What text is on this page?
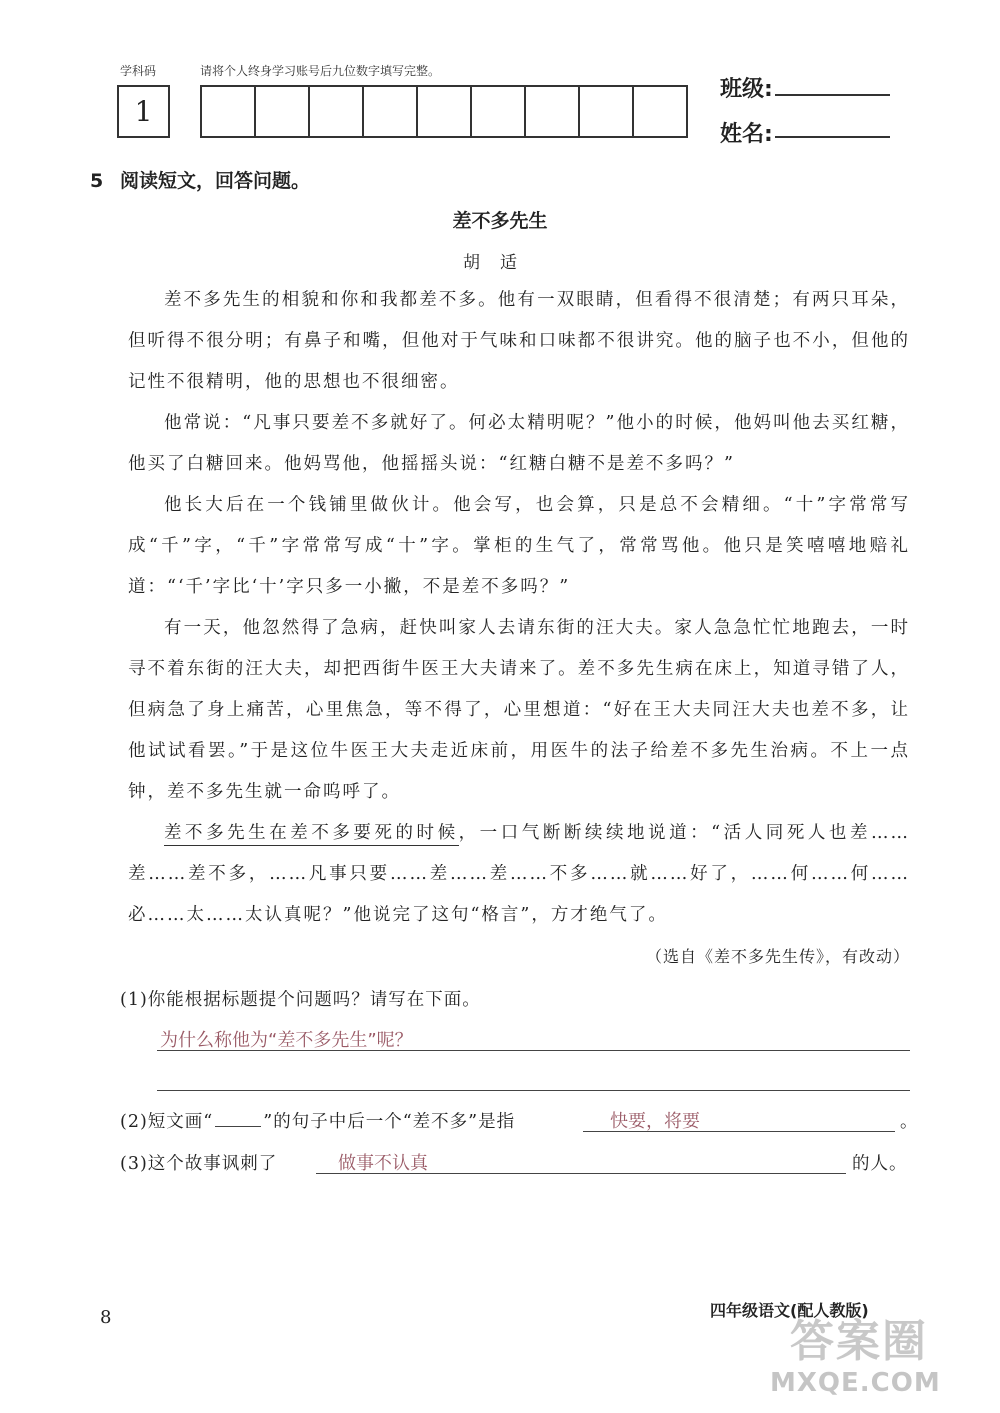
学科码	请将个人终身学习账号后九位数字填写完整。
1
班级:
姓名:
5 阅读短文，回答问题。
差不多先生
胡适
差不多先生的相貌和你和我都差不多。他有一双眼睛，但看得不很清楚；有两只耳朵，但听得不很分明；有鼻子和嘴，但他对于气味和口味都不很讲究。他的脑子也不小，但他的记性不很精明，他的思想也不很细密。
他常说：“凡事只要差不多就好了。何必太精明呢？”他小的时候，他妈叫他去买红糖，他买了白糖回来。他妈骂他，他摇摇头说：“红糖白糖不是差不多吗？”
他长大后在一个钱铺里做伙计。他会写，也会算，只是总不会精细。“十”字常常写成“千”字，“千”字常常写成“十”字。掌柜的生气了，常常骂他。他只是笑嘻嘻地赔礼道：“‘千’字比‘十’字只多一小撇，不是差不多吗？”
有一天，他忽然得了急病，赶快叫家人去请东街的汪大夫。家人急急忙忙地跑去，一时寻不着东街的汪大夫，却把西街牛医王大夫请来了。差不多先生病在床上，知道寻错了人，但病急了身上痛苦，心里焦急，等不得了，心里想道：“好在王大夫同汪大夫也差不多，让他试试看罢。”于是这位牛医王大夫走近床前，用医牛的法子给差不多先生治病。不上一点钟，差不多先生就一命呜呼了。
差不多先生在差不多要死的时候，一口气断断续续地说道：“活人同死人也差……差……差不多，……凡事只要……差……差……不多……就……好了，……何……何……必……太……太认真呢？”他说完了这句“格言”，方才绝气了。
（选自《差不多先生传》，有改动）
(1)你能根据标题提个问题吗？请写在下面。
为什么称他为“差不多先生”呢？
(2)短文画“	”的句子中后一个“差不多”是指	快要，将要	。
(3)这个故事讽刺了	做事不认真	的人。
8	四年级语文(配人教版)
答案圈
MXQE.COM
